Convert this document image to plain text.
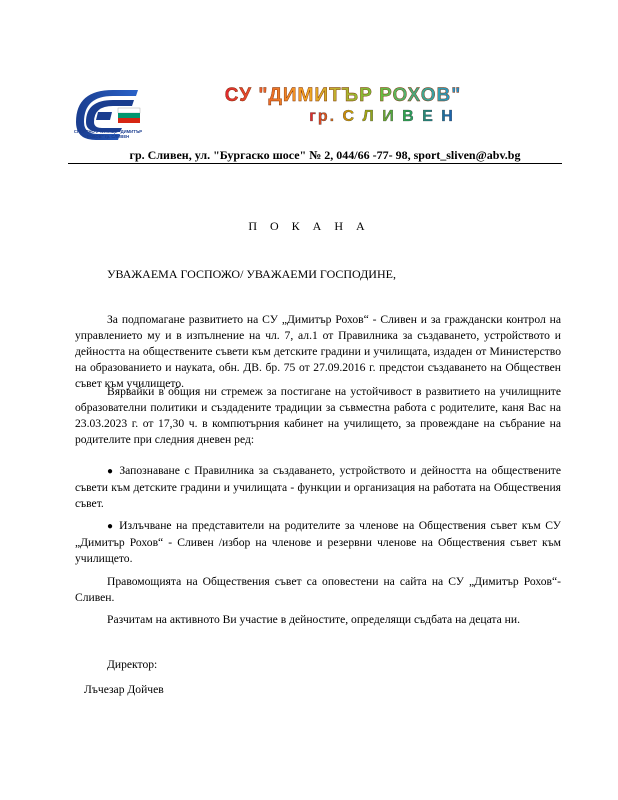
СПОРТНО УЧИЛИЩЕ "ДИМИТЪР РОХОВ" гр. СЛИВЕН
СУ "ДИМИТЪР РОХОВ"
гр. С Л И В Е Н
гр. Сливен, ул. "Бургаско шосе" № 2, 044/66 -77- 98, sport_sliven@abv.bg
П О К А Н А
УВАЖАЕМА ГОСПОЖО/ УВАЖАЕМИ ГОСПОДИНЕ,
За подпомагане развитието на СУ „Димитър Рохов“ - Сливен и за граждански контрол на управлението му и в изпълнение на чл. 7, ал.1 от Правилника за създаването, устройството и дейността на обществените съвети към детските градини и училищата, издаден от Министерство на образованието и науката, обн. ДВ. бр. 75 от 27.09.2016 г. предстои създаването на Обществен съвет към училището.
Вярвайки в общия ни стремеж за постигане на устойчивост в развитието на училищните образователни политики и създадените традиции за съвместна работа с родителите, каня Вас на 23.03.2023 г. от 17,30 ч. в компютърния кабинет на училището, за провеждане на събрание на родителите при следния дневен ред:
● Запознаване с Правилника за създаването, устройството и дейността на обществените съвети към детските градини и училищата - функции и организация на работата на Обществения съвет.
● Излъчване на представители на родителите за членове на Обществения съвет към СУ „Димитър Рохов“ - Сливен /избор на членове и резервни членове на Обществения съвет към училището.
Правомощията на Обществения съвет са оповестени на сайта на СУ „Димитър Рохов“- Сливен.
Разчитам на активното Ви участие в дейностите, определящи съдбата на децата ни.
Директор:
Лъчезар Дойчев
